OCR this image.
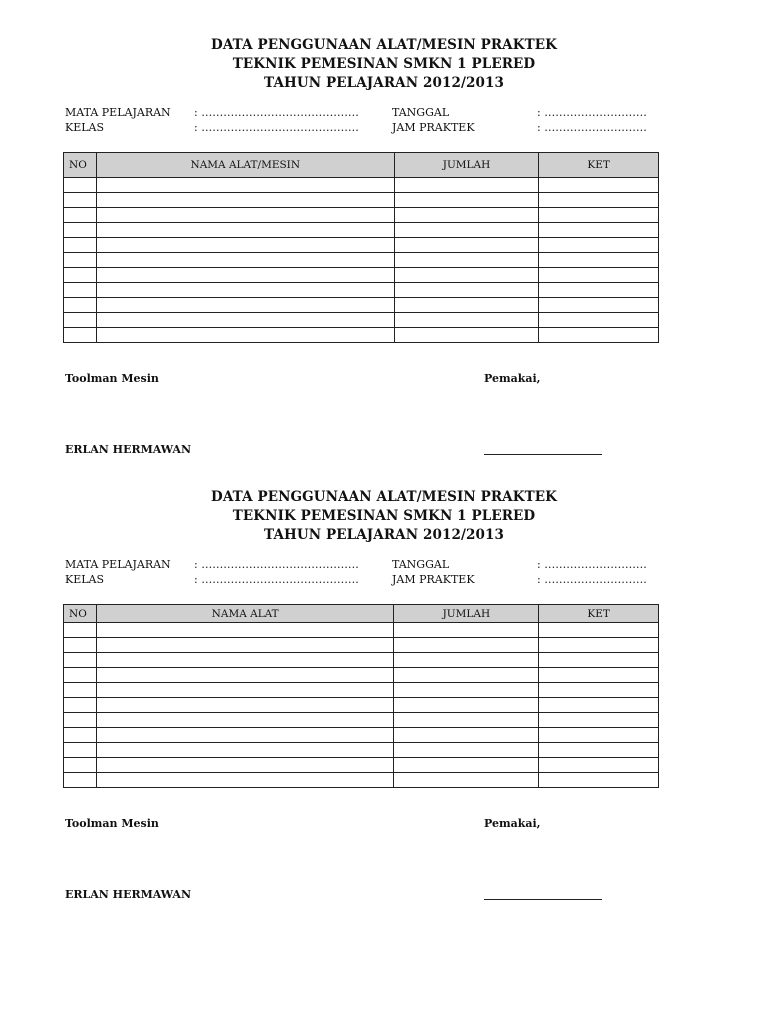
DATA PENGGUNAAN ALAT/MESIN PRAKTEK
TEKNIK PEMESINAN SMKN 1 PLERED
TAHUN PELAJARAN 2012/2013
MATA PELAJARAN : …………………………………….	TANGGAL	: ……………………….
KELAS	: …………………………………….	JAM PRAKTEK	: ……………………….
NO	NAMA ALAT/MESIN	JUMLAH	KET

Toolman Mesin	Pemakai,
ERLAN HERMAWAN
DATA PENGGUNAAN ALAT/MESIN PRAKTEK
TEKNIK PEMESINAN SMKN 1 PLERED
TAHUN PELAJARAN 2012/2013
MATA PELAJARAN : …………………………………….	TANGGAL	: ……………………….
KELAS	: …………………………………….	JAM PRAKTEK	: ……………………….
NO	NAMA ALAT	JUMLAH	KET

Toolman Mesin	Pemakai,
ERLAN HERMAWAN
